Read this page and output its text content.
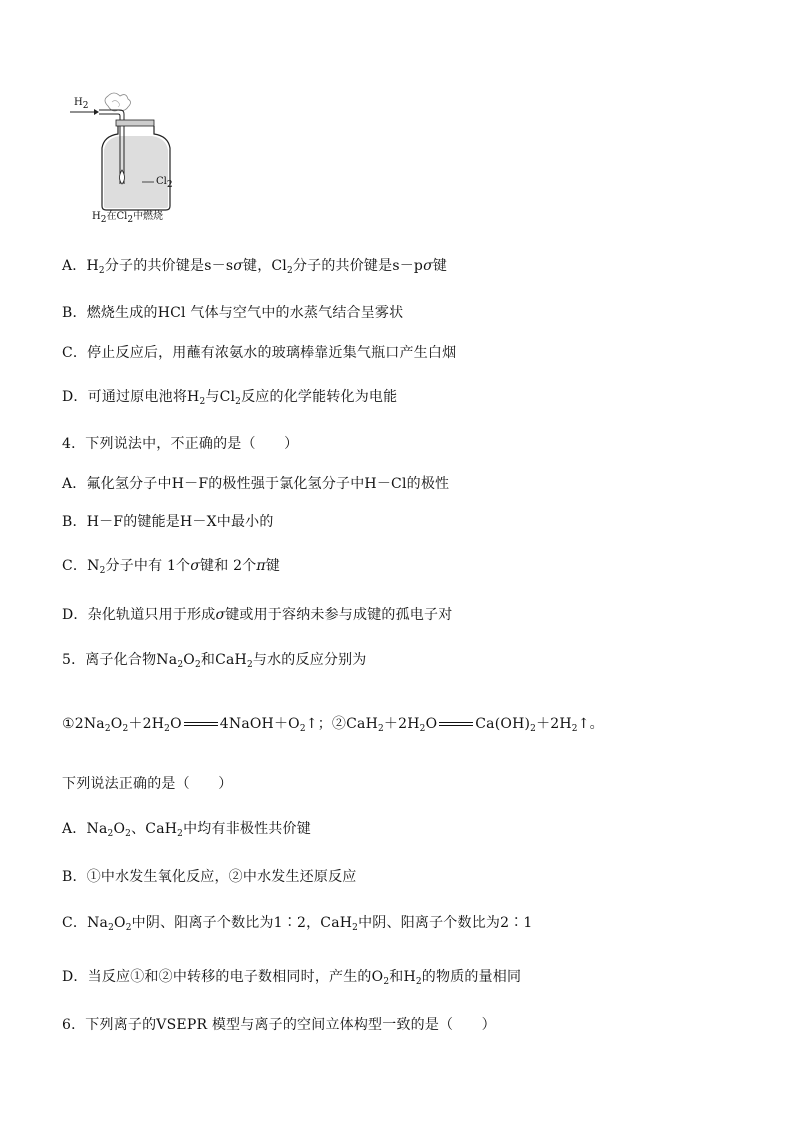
H2
Cl2
H2在Cl2中燃烧
A．$H_2$分子的共价键是s－sσ键，$Cl_2$分子的共价键是s－pσ键
B．燃烧生成的HCl 气体与空气中的水蒸气结合呈雾状
C．停止反应后，用蘸有浓氨水的玻璃棒靠近集气瓶口产生白烟
D．可通过原电池将$H_2$与$Cl_2$反应的化学能转化为电能
4．下列说法中，不正确的是（　　）
A．氟化氢分子中H－F的极性强于氯化氢分子中H－Cl的极性
B．H－F的键能是H－X中最小的
C．$N_2$分子中有 1个σ键和 2个π键
D．杂化轨道只用于形成σ键或用于容纳未参与成键的孤电子对
5．离子化合物$Na_2O_2$和CaH$_2$与水的反应分别为
$①2Na_2O_2+2H_2O$	$4NaOH+O_2↑$；$②CaH_2+2H_2O$	$Ca(OH)_2+2H_2↑$。
下列说法正确的是（　　）
A．$Na_2O_2$、CaH$_2$中均有非极性共价键
B．①中水发生氧化反应，②中水发生还原反应
C．$Na_2O_2$中阴、阳离子个数比为1∶2，CaH$_2$中阴、阳离子个数比为2∶1
D．当反应①和②中转移的电子数相同时，产生的$O_2$和$H_2$的物质的量相同
6．下列离子的VSEPR 模型与离子的空间立体构型一致的是（　　）
